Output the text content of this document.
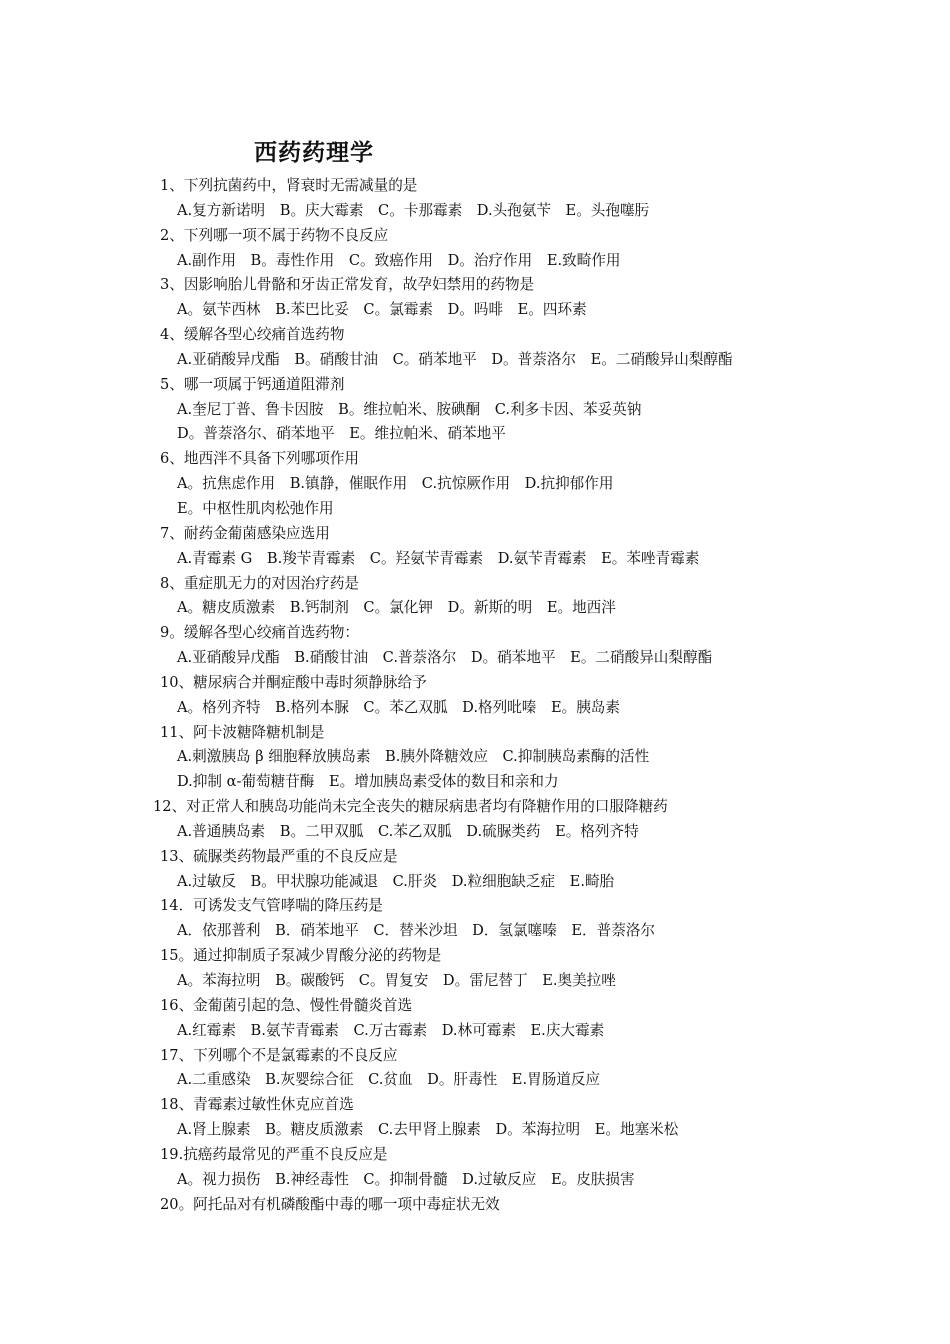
西药药理学
1、下列抗菌药中，肾衰时无需减量的是
A.复方新诺明　B。庆大霉素　C。卡那霉素　D.头孢氨苄　E。头孢噻肟
2、下列哪一项不属于药物不良反应
A.副作用　B。毒性作用　C。致癌作用　D。治疗作用　E.致畸作用
3、因影响胎儿骨骼和牙齿正常发育，故孕妇禁用的药物是
A。氨苄西林　B.苯巴比妥　C。氯霉素　D。吗啡　E。四环素
4、缓解各型心绞痛首选药物
A.亚硝酸异戊酯　B。硝酸甘油　C。硝苯地平　D。普萘洛尔　E。二硝酸异山梨醇酯
5、哪一项属于钙通道阻滞剂
A.奎尼丁普、鲁卡因胺　B。维拉帕米、胺碘酮　C.利多卡因、苯妥英钠
D。普萘洛尔、硝苯地平　E。维拉帕米、硝苯地平
6、地西泮不具备下列哪项作用
A。抗焦虑作用　B.镇静，催眠作用　C.抗惊厥作用　D.抗抑郁作用
E。中枢性肌肉松弛作用
7、耐药金葡菌感染应选用
A.青霉素 G　B.羧苄青霉素　C。羟氨苄青霉素　D.氨苄青霉素　E。苯唑青霉素
8、重症肌无力的对因治疗药是
A。糖皮质激素　B.钙制剂　C。氯化钾　D。新斯的明　E。地西泮
9。缓解各型心绞痛首选药物：
A.亚硝酸异戊酯　B.硝酸甘油　C.普萘洛尔　D。硝苯地平　E。二硝酸异山梨醇酯
10、糖尿病合并酮症酸中毒时须静脉给予
A。格列齐特　B.格列本脲　C。苯乙双胍　D.格列吡嗪　E。胰岛素
11、阿卡波糖降糖机制是
A.刺激胰岛 β 细胞释放胰岛素　B.胰外降糖效应　C.抑制胰岛素酶的活性
D.抑制 α-葡萄糖苷酶　E。增加胰岛素受体的数目和亲和力
12、对正常人和胰岛功能尚未完全丧失的糖尿病患者均有降糖作用的口服降糖药
A.普通胰岛素　B。二甲双胍　C.苯乙双胍　D.硫脲类药　E。格列齐特
13、硫脲类药物最严重的不良反应是
A.过敏反　B。甲状腺功能减退　C.肝炎　D.粒细胞缺乏症　E.畸胎
14．可诱发支气管哮喘的降压药是
A．依那普利　B．硝苯地平　C．替米沙坦　D．氢氯噻嗪　E．普萘洛尔
15。通过抑制质子泵减少胃酸分泌的药物是
A。苯海拉明　B。碳酸钙　C。胃复安　D。雷尼替丁　E.奥美拉唑
16、金葡菌引起的急、慢性骨髓炎首选
A.红霉素　B.氨苄青霉素　C.万古霉素　D.林可霉素　E.庆大霉素
17、下列哪个不是氯霉素的不良反应
A.二重感染　B.灰婴综合征　C.贫血　D。肝毒性　E.胃肠道反应
18、青霉素过敏性休克应首选
A.肾上腺素　B。糖皮质激素　C.去甲肾上腺素　D。苯海拉明　E。地塞米松
19.抗癌药最常见的严重不良反应是
A。视力损伤　B.神经毒性　C。抑制骨髓　D.过敏反应　E。皮肤损害
20。阿托品对有机磷酸酯中毒的哪一项中毒症状无效
